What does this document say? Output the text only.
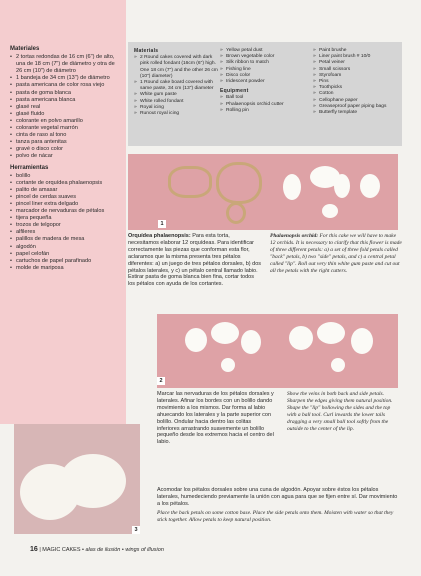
Materiales
• 2 tortas redondas de 16 cm (6") de alto, una de 18 cm (7") de diámetro y otra de 26 cm (10") de diámetro
• 1 bandeja de 34 cm (13") de diámetro
• pasta americana de color rosa viejo
• pasta de goma blanca
• pasta americana blanca
• glasé real
• glasé fluido
• colorante en polvo amarillo
• colorante vegetal marrón
• cinta de raso al tono
• tanza para antenitas
• gravé o disco color
• polvo de nácar
Herramientas
• bolillo
• cortante de orquídea phalaenopsis
• palito de amasar
• pincel de cerdas suaves
• pincel liner extra delgado
• marcador de nervaduras de pétalos
• tijera pequeña
• trozos de telgopor
• alfileres
• palillos de madera de mesa
• algodón
• papel celofán
• cartuchos de papel parafinado
• molde de mariposa
Materials
» 2 Round cakes covered with dark pink rolled fondant (16cm (6") high. One 18 cm (7") and the other 26 cm (10") diameter)
» 1 Round cake board covered with same paste, 34 cm (13") diameter
» White gum paste
» White rolled fondant
» Royal icing
» Runout royal icing
» Yellow petal dust
» Brown vegetable color
» Silk ribbon to match
» Fishing line
» Disco color
» Iridescent powder
Equipment
» Ball tool
» Phalaenopsis orchid cutter
» Rolling pin
» Paint brushe
» Liner paint brush # 10/0
» Petal veiner
» Small scissors
» Styrofoam
» Pins
» Toothpicks
» Cotton
» Cellophane paper
» Greaseproof paper piping bags
» Butterfly template
1
Orquídea phalaenopsis: Para esta torta, necesitamos elaborar 12 orquídeas. Para identificar correctamente las piezas que conforman esta flor, aclaramos que la misma presenta tres pétalos diferentes: a) un juego de tres pétalos dorsales, b) dos pétalos laterales, y c) un pétalo central llamado labio. Estirar pasta de goma blanca bien fina, cortar todos los pétalos con ayuda de los cortantes.
Phalaenopsis orchid: For this cake we will have to make 12 orchids. It is necessary to clarify that this flower is made of three different petals: a) a set of three fold petals called "back" petals, b) two "side" petals, and c) a central petal called "lip". Roll out very thin white gum paste and cut out all the petals with the right cutters.
2
Marcar las nervaduras de los pétalos dorsales y laterales. Afinar los bordes con un bolillo dando movimiento a los mismos. Dar forma al labio ahuecando los laterales y la parte superior con bolillo. Ondular hacia dentro las colitas inferiores arrastrando suavemente un bolillo pequeño desde los extremos hacia el centro del labio.
Show the veins in both back and side petals. Sharpen the edges giving them natural position. Shape the "lip" hollowing the sides and the top with a ball tool. Curl inwards the lower tails dragging a very small ball tool softly from the outside to the center of the lip.
3
Acomodar los pétalos dorsales sobre una cuna de algodón. Apoyar sobre éstos los pétalos laterales, humedeciendo previamente la unión con agua para que se fijen entre sí. Dar movimiento a los pétalos.
Place the back petals on some cotton base. Place the side petals onto them. Moisten with water so that they stick together. Allow petals to keep natural position.
16 | MAGIC CAKES • alas de ilusión • wings of illusion
